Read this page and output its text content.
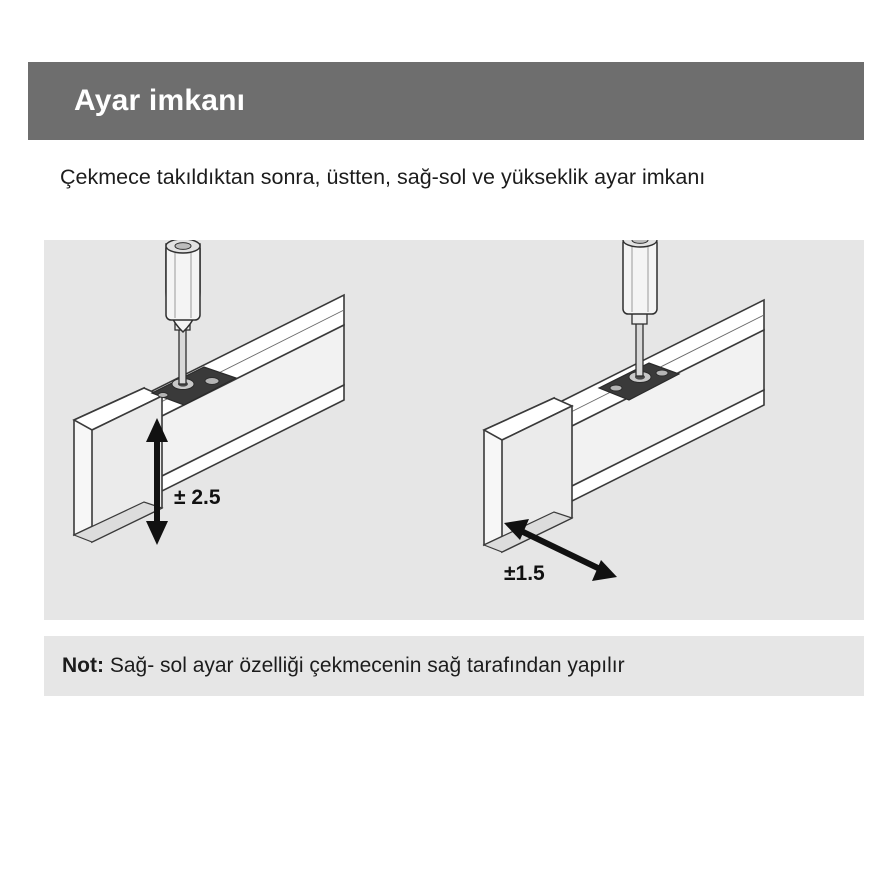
Ayar imkanı
Çekmece takıldıktan sonra, üstten, sağ-sol ve yükseklik ayar imkanı
± 2.5
±1.5
Not: Sağ- sol ayar özelliği çekmecenin sağ tarafından yapılır
